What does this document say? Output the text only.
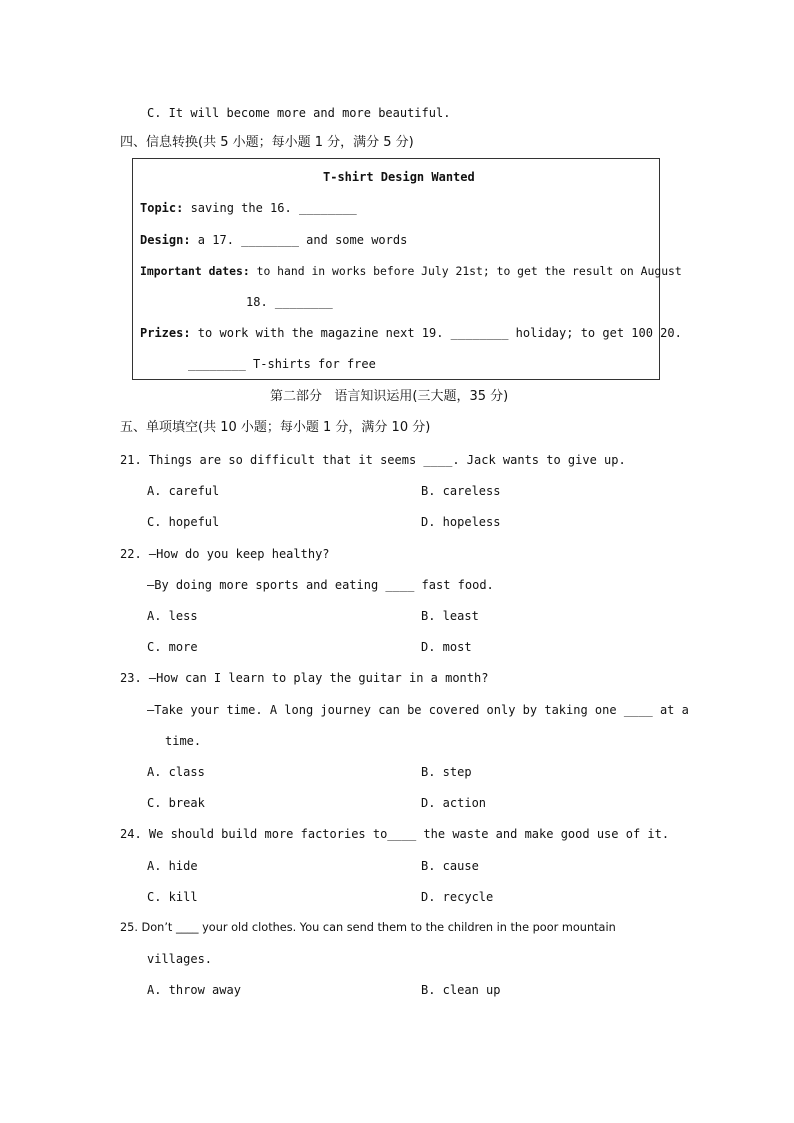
C. It will become more and more beautiful.
四、信息转换(共 5 小题；每小题 1 分，满分 5 分)
T-shirt Design Wanted
Topic: saving the 16. ________
Design: a 17. ________ and some words
Important dates: to hand in works before July 21st; to get the result on August
18. ________
Prizes: to work with the magazine next 19. ________ holiday; to get 100 20.
________ T-shirts for free
第二部分   语言知识运用(三大题，35 分)
五、单项填空(共 10 小题；每小题 1 分，满分 10 分)
21. Things are so difficult that it seems ____. Jack wants to give up.
A. careful	B. careless
C. hopeful	D. hopeless
22. —How do you keep healthy?
—By doing more sports and eating ____ fast food.
A. less	B. least
C. more	D. most
23. —How can I learn to play the guitar in a month?
—Take your time. A long journey can be covered only by taking one ____ at a
time.
A. class	B. step
C. break	D. action
24. We should build more factories to____ the waste and make good use of it.
A. hide	B. cause
C. kill	D. recycle
25. Don’t ____ your old clothes. You can send them to the children in the poor mountain
villages.
A. throw away	B. clean up
